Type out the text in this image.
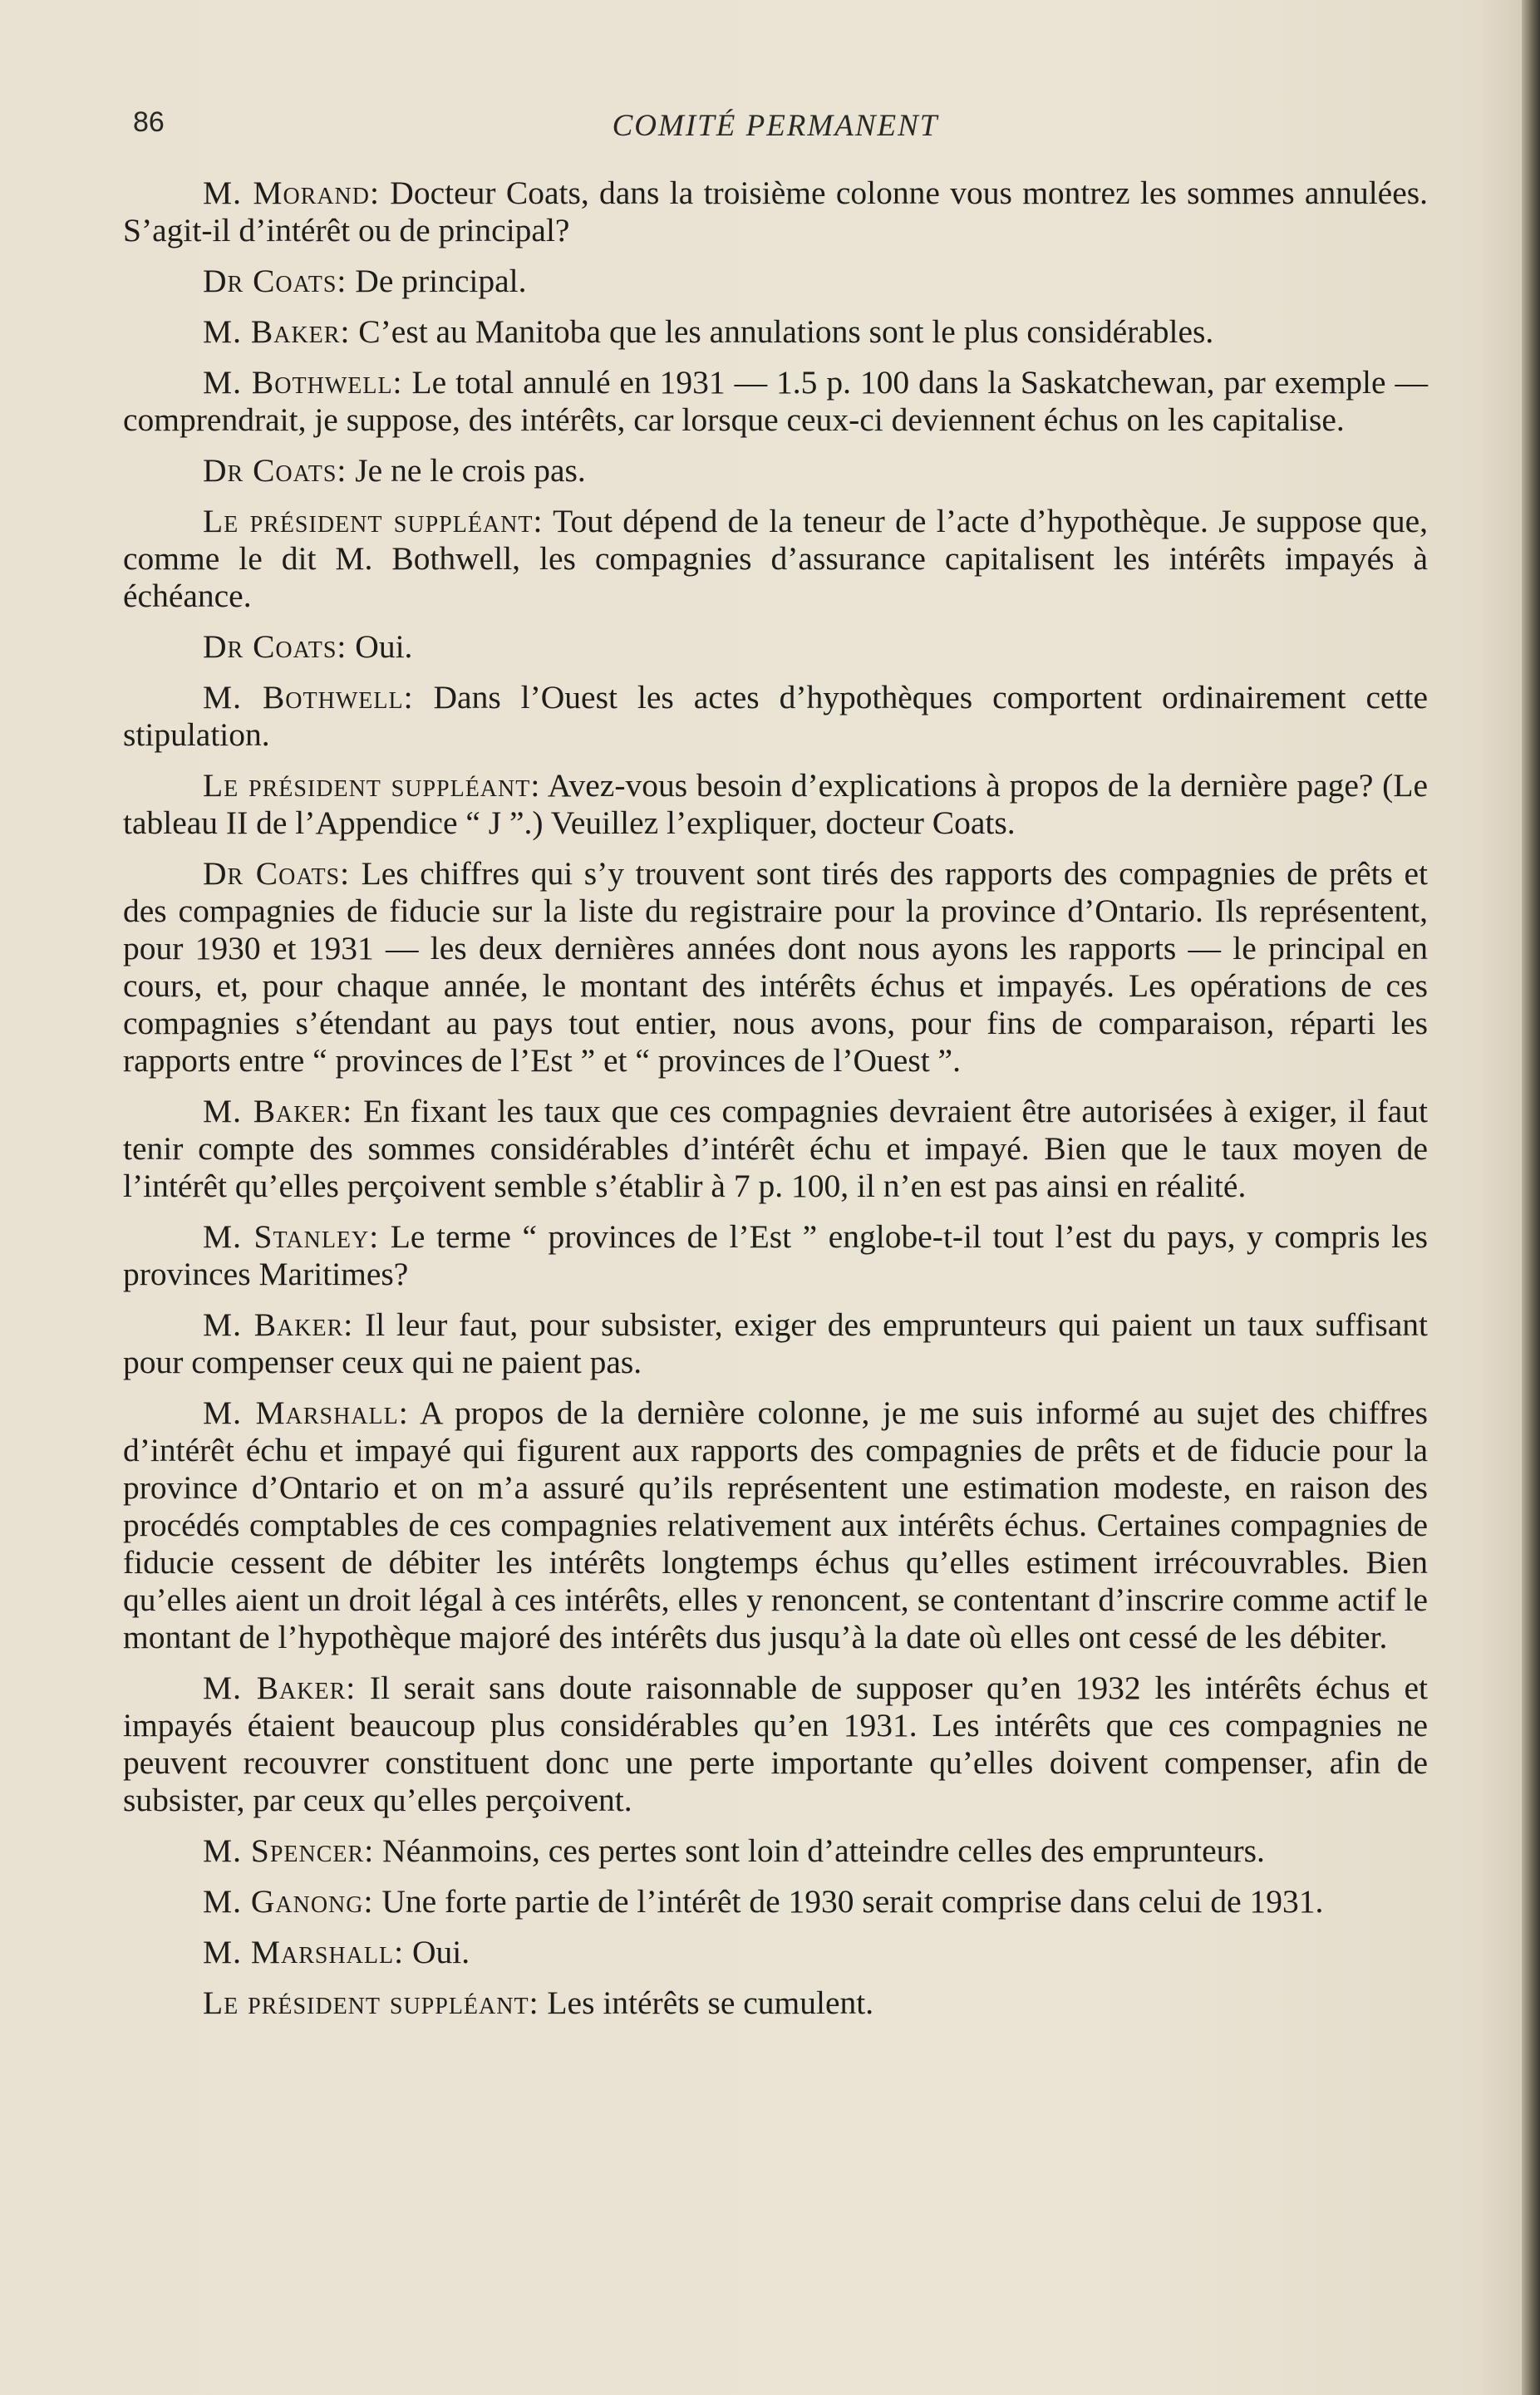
86	COMITÉ PERMANENT

M. Morand: Docteur Coats, dans la troisième colonne vous montrez les sommes annulées. S’agit-il d’intérêt ou de principal?

Dr Coats: De principal.

M. Baker: C’est au Manitoba que les annulations sont le plus considérables.

M. Bothwell: Le total annulé en 1931 — 1.5 p. 100 dans la Saskatchewan, par exemple — comprendrait, je suppose, des intérêts, car lorsque ceux-ci deviennent échus on les capitalise.

Dr Coats: Je ne le crois pas.

Le président suppléant: Tout dépend de la teneur de l’acte d’hypothèque. Je suppose que, comme le dit M. Bothwell, les compagnies d’assurance capitalisent les intérêts impayés à échéance.

Dr Coats: Oui.

M. Bothwell: Dans l’Ouest les actes d’hypothèques comportent ordinairement cette stipulation.

Le président suppléant: Avez-vous besoin d’explications à propos de la dernière page? (Le tableau II de l’Appendice “ J ”.) Veuillez l’expliquer, docteur Coats.

Dr Coats: Les chiffres qui s’y trouvent sont tirés des rapports des compagnies de prêts et des compagnies de fiducie sur la liste du registraire pour la province d’Ontario. Ils représentent, pour 1930 et 1931 — les deux dernières années dont nous ayons les rapports — le principal en cours, et, pour chaque année, le montant des intérêts échus et impayés. Les opérations de ces compagnies s’étendant au pays tout entier, nous avons, pour fins de comparaison, réparti les rapports entre “ provinces de l’Est ” et “ provinces de l’Ouest ”.

M. Baker: En fixant les taux que ces compagnies devraient être autorisées à exiger, il faut tenir compte des sommes considérables d’intérêt échu et impayé. Bien que le taux moyen de l’intérêt qu’elles perçoivent semble s’établir à 7 p. 100, il n’en est pas ainsi en réalité.

M. Stanley: Le terme “ provinces de l’Est ” englobe-t-il tout l’est du pays, y compris les provinces Maritimes?

M. Baker: Il leur faut, pour subsister, exiger des emprunteurs qui paient un taux suffisant pour compenser ceux qui ne paient pas.

M. Marshall: A propos de la dernière colonne, je me suis informé au sujet des chiffres d’intérêt échu et impayé qui figurent aux rapports des compagnies de prêts et de fiducie pour la province d’Ontario et on m’a assuré qu’ils représentent une estimation modeste, en raison des procédés comptables de ces compagnies relativement aux intérêts échus. Certaines compagnies de fiducie cessent de débiter les intérêts longtemps échus qu’elles estiment irrécouvrables. Bien qu’elles aient un droit légal à ces intérêts, elles y renoncent, se contentant d’inscrire comme actif le montant de l’hypothèque majoré des intérêts dus jusqu’à la date où elles ont cessé de les débiter.

M. Baker: Il serait sans doute raisonnable de supposer qu’en 1932 les intérêts échus et impayés étaient beaucoup plus considérables qu’en 1931. Les intérêts que ces compagnies ne peuvent recouvrer constituent donc une perte importante qu’elles doivent compenser, afin de subsister, par ceux qu’elles perçoivent.

M. Spencer: Néanmoins, ces pertes sont loin d’atteindre celles des emprunteurs.

M. Ganong: Une forte partie de l’intérêt de 1930 serait comprise dans celui de 1931.

M. Marshall: Oui.

Le président suppléant: Les intérêts se cumulent.
